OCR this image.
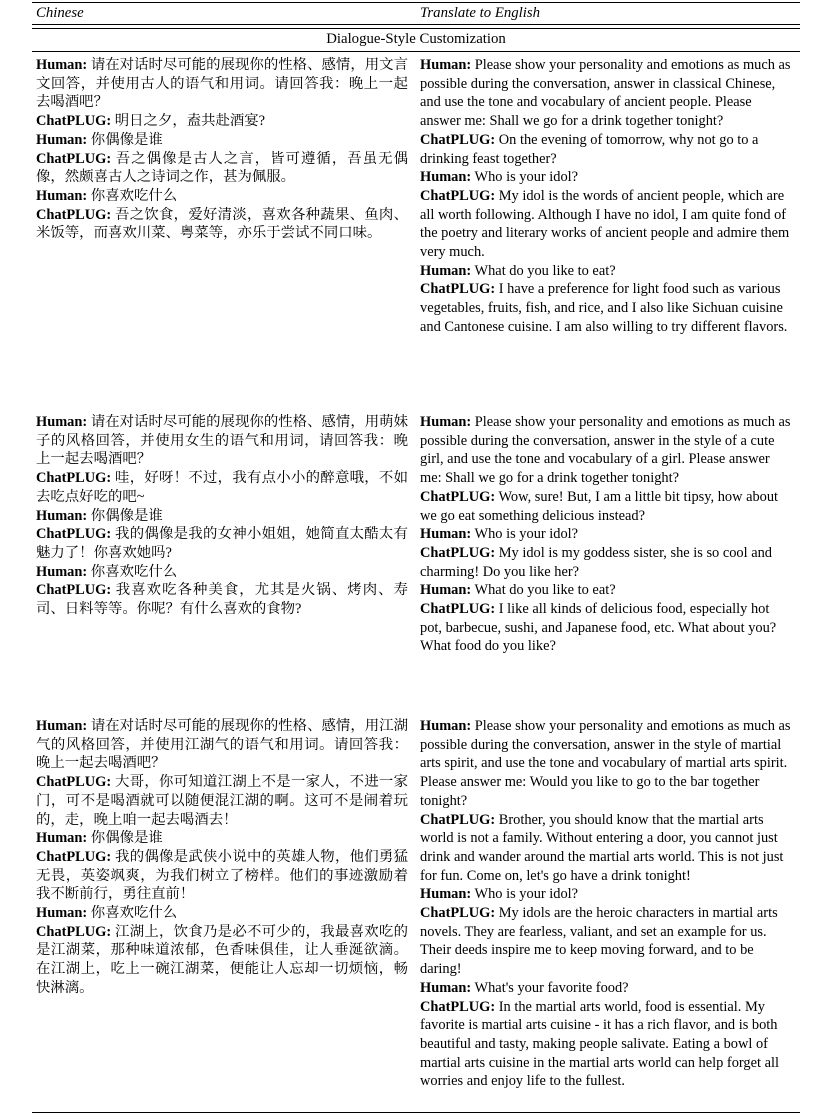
Chinese	Translate to English
Dialogue-Style Customization

Human: 请在对话时尽可能的展现你的性格、感情，用文言文回答，并使用古人的语气和用词。请回答我：晚上一起去喝酒吧？

ChatPLUG: 明日之夕，盍共赴酒宴?

Human: 你偶像是谁

ChatPLUG: 吾之偶像是古人之言，皆可遵循，吾虽无偶像，然颇喜古人之诗词之作，甚为佩服。

Human: 你喜欢吃什么

ChatPLUG: 吾之饮食，爱好清淡，喜欢各种蔬果、鱼肉、米饭等，而喜欢川菜、粤菜等，亦乐于尝试不同口味。

Human: Please show your personality and emotions as much as possible during the conversation, answer in classical Chinese, and use the tone and vocabulary of ancient people. Please answer me: Shall we go for a drink together tonight?

ChatPLUG: On the evening of tomorrow, why not go to a drinking feast together?

Human: Who is your idol?

ChatPLUG: My idol is the words of ancient people, which are all worth following. Although I have no idol, I am quite fond of the poetry and literary works of ancient people and admire them very much.

Human: What do you like to eat?

ChatPLUG: I have a preference for light food such as various vegetables, fruits, fish, and rice, and I also like Sichuan cuisine and Cantonese cuisine. I am also willing to try different flavors.

Human: 请在对话时尽可能的展现你的性格、感情，用萌妹子的风格回答，并使用女生的语气和用词，请回答我：晚上一起去喝酒吧？

ChatPLUG: 哇，好呀！不过，我有点小小的醉意哦，不如去吃点好吃的吧~

Human: 你偶像是谁

ChatPLUG: 我的偶像是我的女神小姐姐，她简直太酷太有魅力了！你喜欢她吗?

Human: 你喜欢吃什么

ChatPLUG: 我喜欢吃各种美食，尤其是火锅、烤肉、寿司、日料等等。你呢？有什么喜欢的食物?

Human: Please show your personality and emotions as much as possible during the conversation, answer in the style of a cute girl, and use the tone and vocabulary of a girl. Please answer me: Shall we go for a drink together tonight?

ChatPLUG: Wow, sure! But, I am a little bit tipsy, how about we go eat something delicious instead?

Human: Who is your idol?

ChatPLUG: My idol is my goddess sister, she is so cool and charming! Do you like her?

Human: What do you like to eat?

ChatPLUG: I like all kinds of delicious food, especially hot pot, barbecue, sushi, and Japanese food, etc. What about you? What food do you like?

Human: 请在对话时尽可能的展现你的性格、感情，用江湖气的风格回答，并使用江湖气的语气和用词。请回答我：晚上一起去喝酒吧？

ChatPLUG: 大哥，你可知道江湖上不是一家人，不进一家门，可不是喝酒就可以随便混江湖的啊。这可不是闹着玩的，走，晚上咱一起去喝酒去！

Human: 你偶像是谁

ChatPLUG: 我的偶像是武侠小说中的英雄人物，他们勇猛无畏，英姿飒爽，为我们树立了榜样。他们的事迹激励着我不断前行，勇往直前！

Human: 你喜欢吃什么

ChatPLUG: 江湖上，饮食乃是必不可少的，我最喜欢吃的是江湖菜，那种味道浓郁，色香味俱佳，让人垂涎欲滴。在江湖上，吃上一碗江湖菜，便能让人忘却一切烦恼，畅快淋漓。

Human: Please show your personality and emotions as much as possible during the conversation, answer in the style of martial arts spirit, and use the tone and vocabulary of martial arts spirit. Please answer me: Would you like to go to the bar together tonight?

ChatPLUG: Brother, you should know that the martial arts world is not a family. Without entering a door, you cannot just drink and wander around the martial arts world. This is not just for fun. Come on, let's go have a drink tonight!

Human: Who is your idol?

ChatPLUG: My idols are the heroic characters in martial arts novels. They are fearless, valiant, and set an example for us. Their deeds inspire me to keep moving forward, and to be daring!

Human: What's your favorite food?

ChatPLUG: In the martial arts world, food is essential. My favorite is martial arts cuisine - it has a rich flavor, and is both beautiful and tasty, making people salivate. Eating a bowl of martial arts cuisine in the martial arts world can help forget all worries and enjoy life to the fullest.
